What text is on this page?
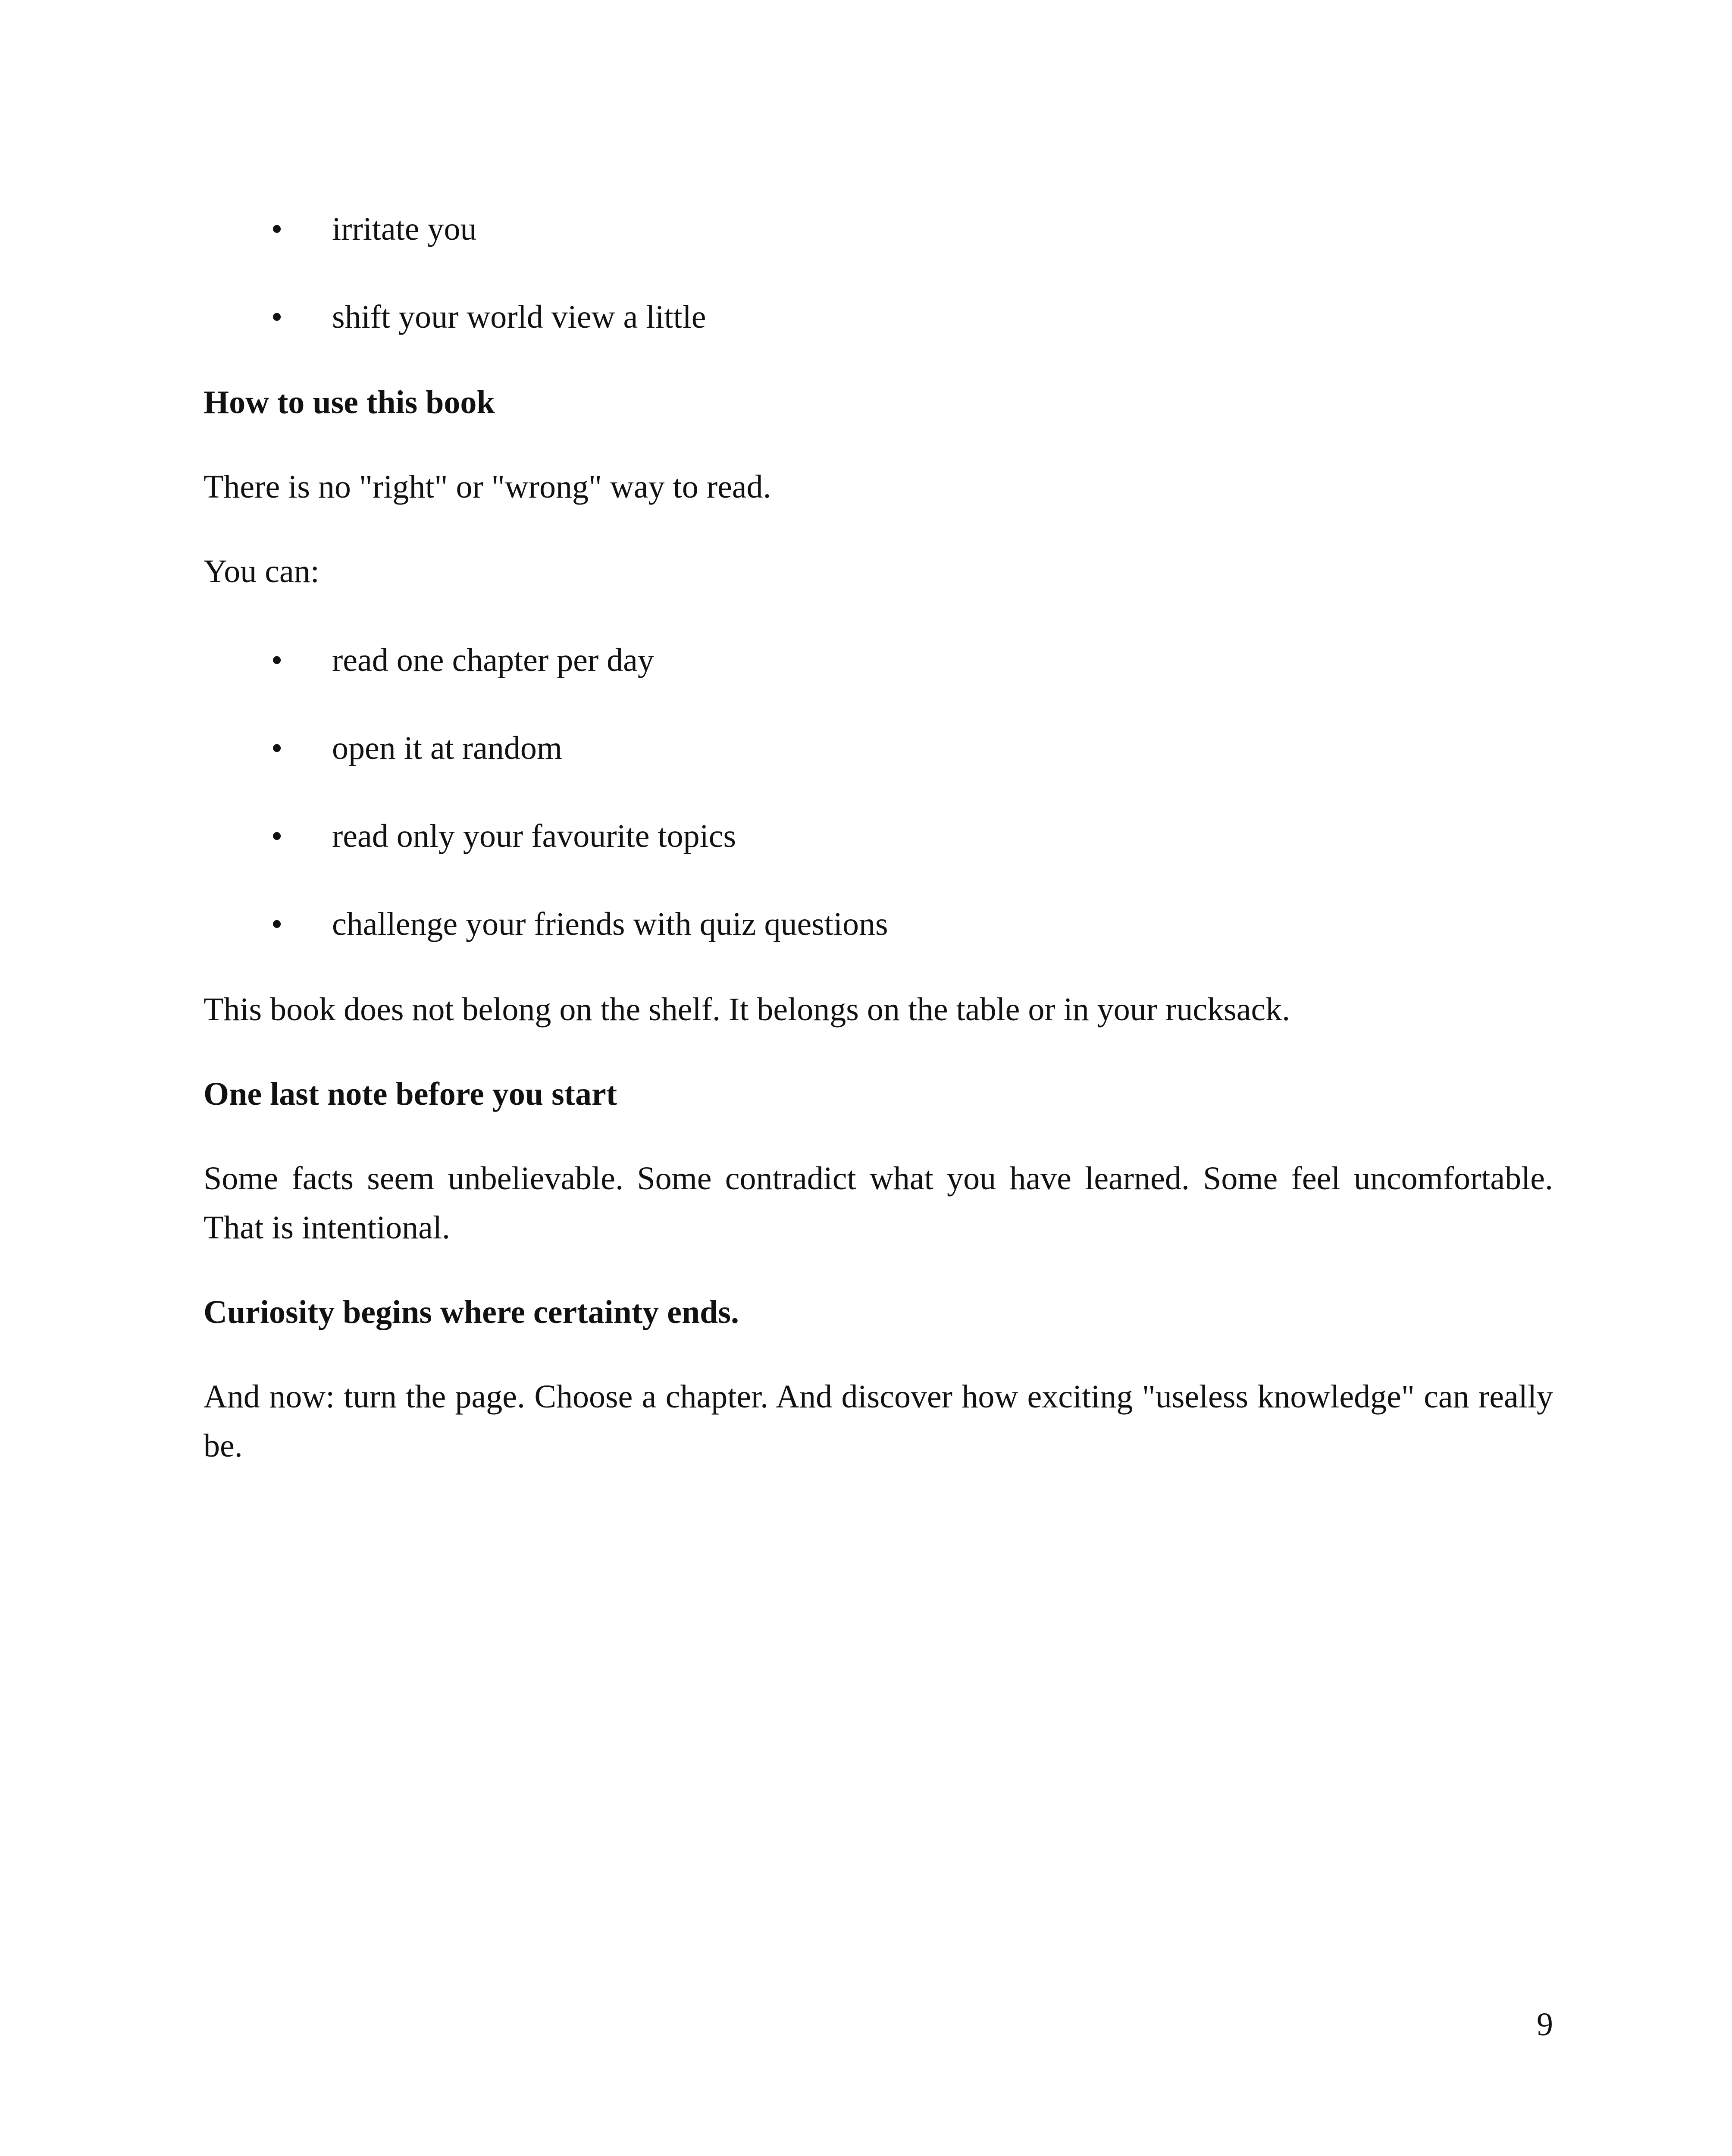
• irritate you
• shift your world view a little
How to use this book
There is no "right" or "wrong" way to read.
You can:
• read one chapter per day
• open it at random
• read only your favourite topics
• challenge your friends with quiz questions
This book does not belong on the shelf. It belongs on the table or in your rucksack.
One last note before you start
Some facts seem unbelievable. Some contradict what you have learned. Some feel uncomfortable. That is intentional.
Curiosity begins where certainty ends.
And now: turn the page. Choose a chapter. And discover how exciting "useless knowledge" can really be.
9
